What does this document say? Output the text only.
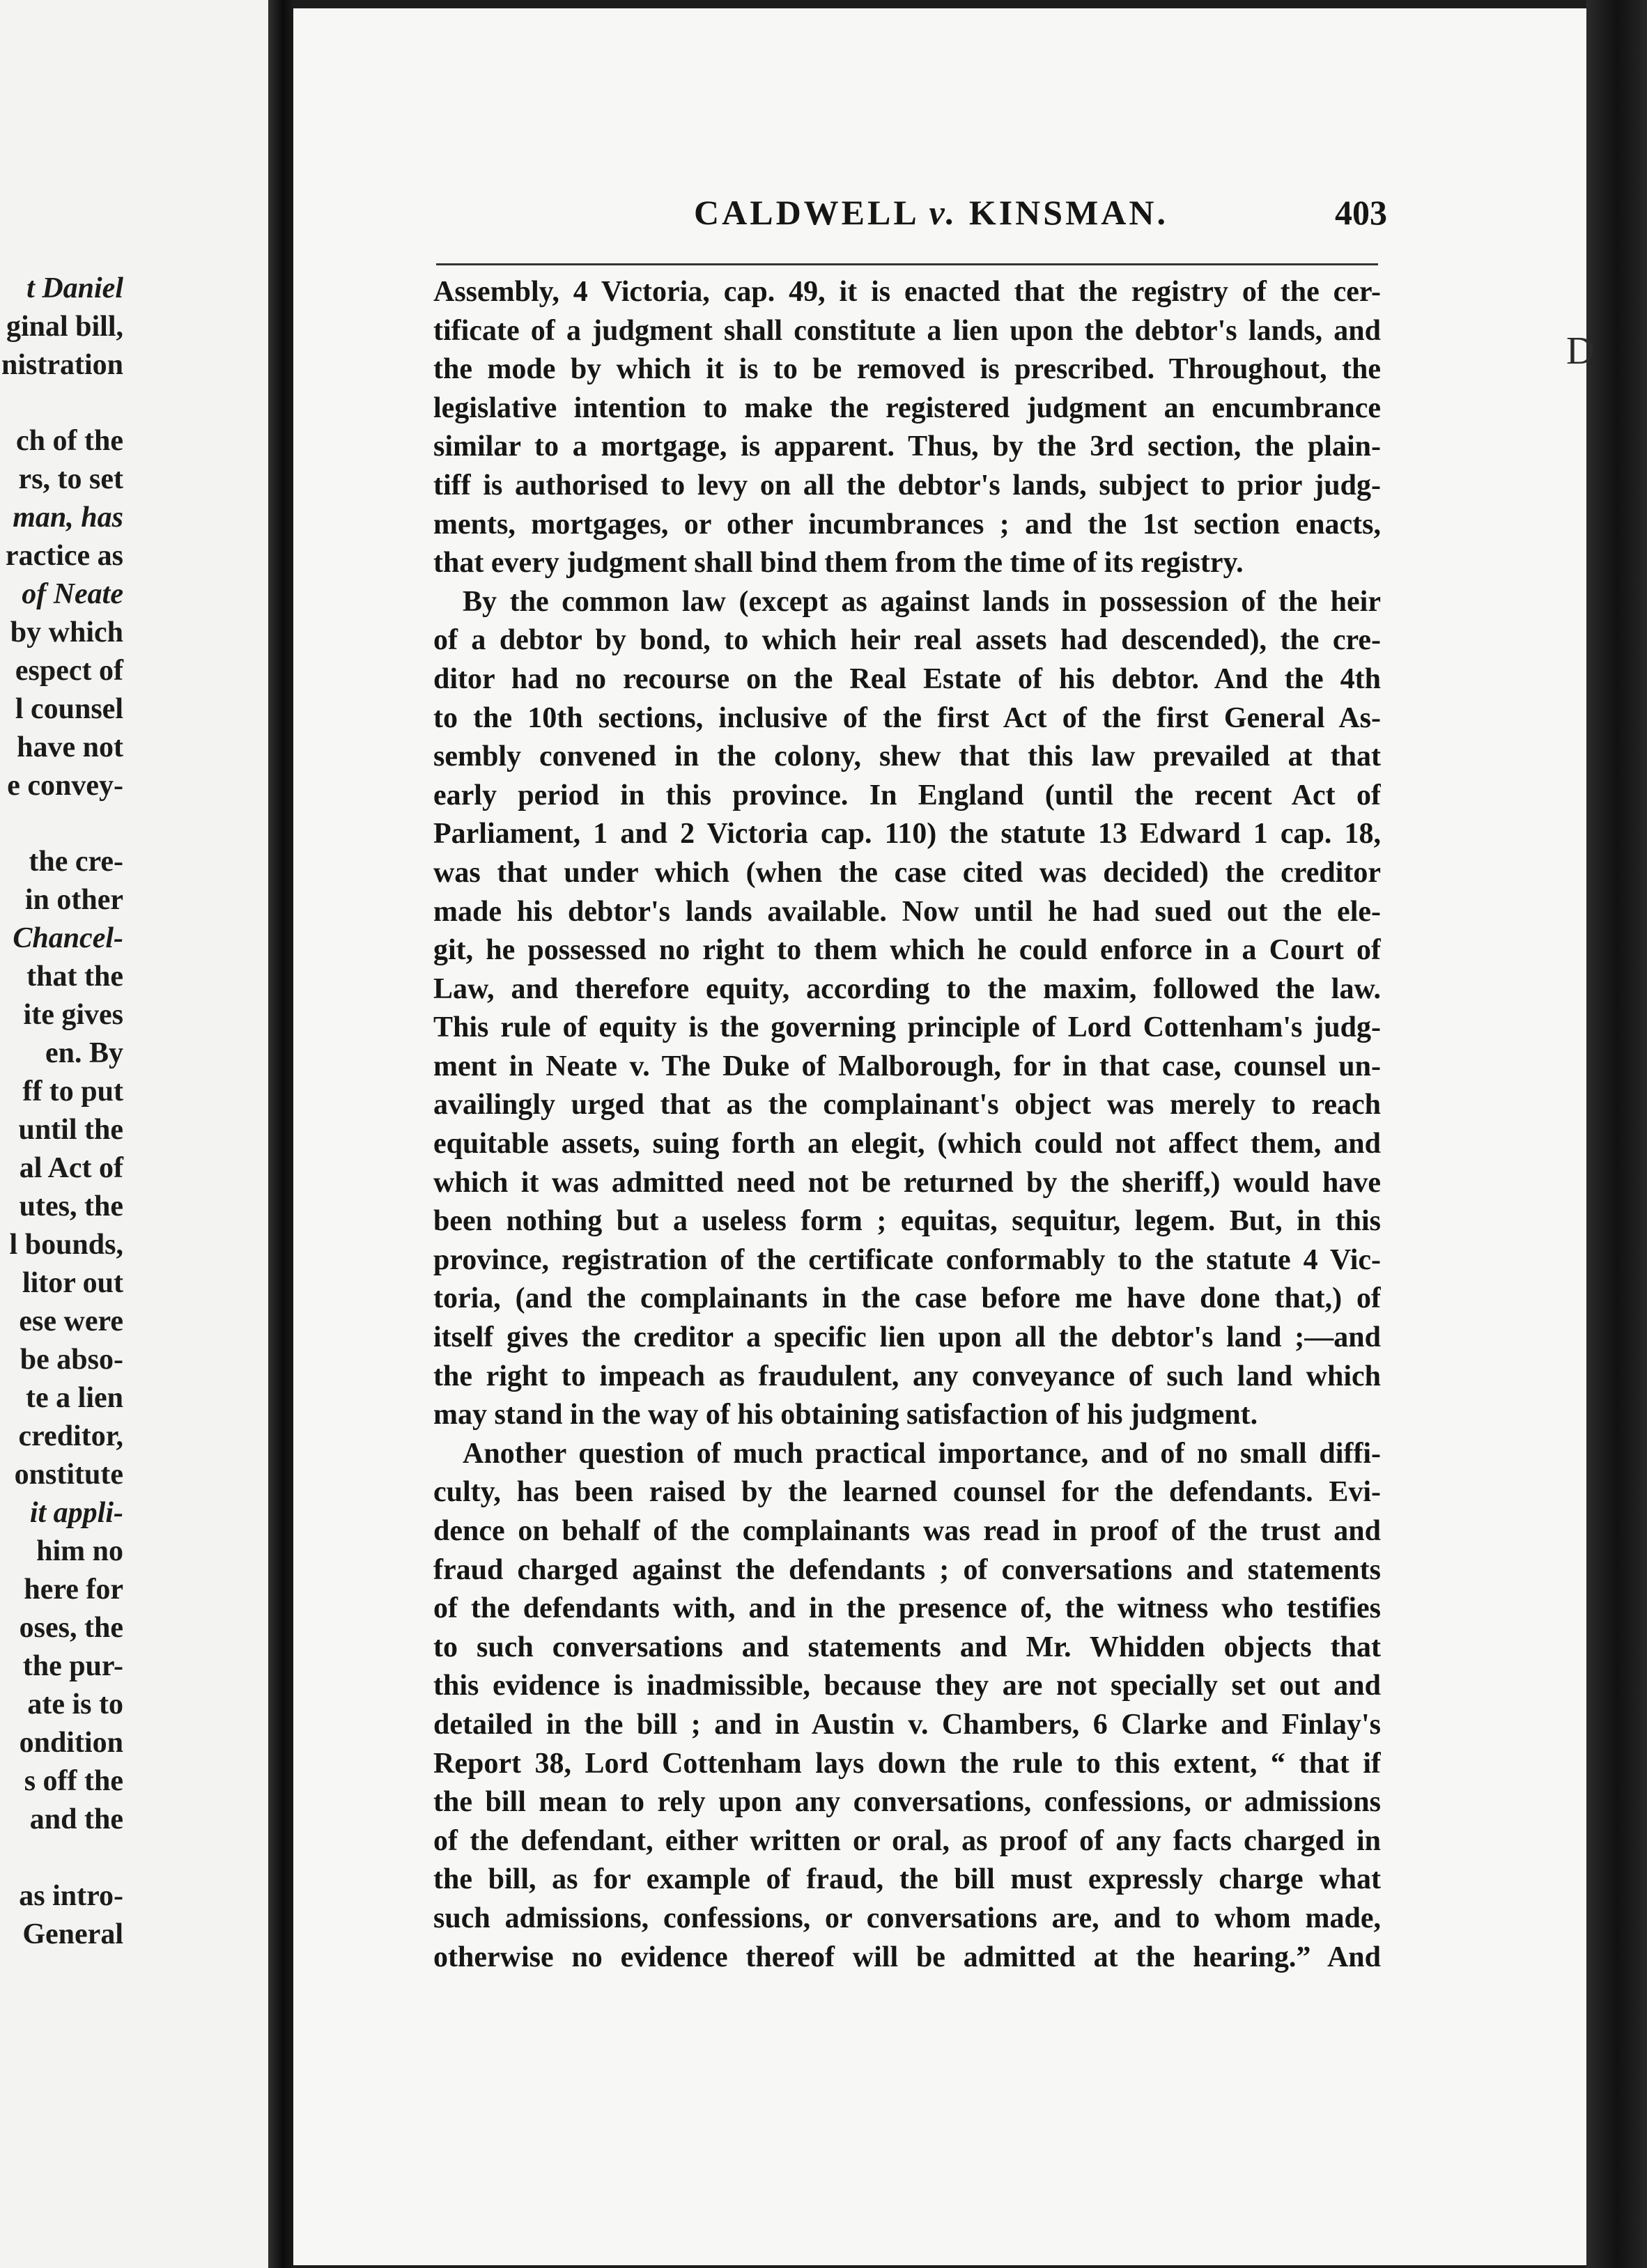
t Daniel
ginal bill,
nistration
ch of the
rs, to set
man, has
ractice as
of Neate
by which
espect of
l counsel
have not
e convey-
the cre-
in other
Chancel-
that the
ite gives
en. By
ff to put
until the
al Act of
utes, the
l bounds,
litor out
ese were
be abso-
te a lien
creditor,
onstitute
it appli-
him no
here for
oses, the
the pur-
ate is to
ondition
s off the
and the
as intro-
General
D
CALDWELL v. KINSMAN.	403
Assembly, 4 Victoria, cap. 49, it is enacted that the registry of the cer-
tificate of a judgment shall constitute a lien upon the debtor's lands, and
the mode by which it is to be removed is prescribed. Throughout, the
legislative intention to make the registered judgment an encumbrance
similar to a mortgage, is apparent. Thus, by the 3rd section, the plain-
tiff is authorised to levy on all the debtor's lands, subject to prior judg-
ments, mortgages, or other incumbrances ; and the 1st section enacts,
that every judgment shall bind them from the time of its registry.
By the common law (except as against lands in possession of the heir
of a debtor by bond, to which heir real assets had descended), the cre-
ditor had no recourse on the Real Estate of his debtor. And the 4th
to the 10th sections, inclusive of the first Act of the first General As-
sembly convened in the colony, shew that this law prevailed at that
early period in this province. In England (until the recent Act of
Parliament, 1 and 2 Victoria cap. 110) the statute 13 Edward 1 cap. 18,
was that under which (when the case cited was decided) the creditor
made his debtor's lands available. Now until he had sued out the ele-
git, he possessed no right to them which he could enforce in a Court of
Law, and therefore equity, according to the maxim, followed the law.
This rule of equity is the governing principle of Lord Cottenham's judg-
ment in Neate v. The Duke of Malborough, for in that case, counsel un-
availingly urged that as the complainant's object was merely to reach
equitable assets, suing forth an elegit, (which could not affect them, and
which it was admitted need not be returned by the sheriff,) would have
been nothing but a useless form ; equitas, sequitur, legem. But, in this
province, registration of the certificate conformably to the statute 4 Vic-
toria, (and the complainants in the case before me have done that,) of
itself gives the creditor a specific lien upon all the debtor's land ;—and
the right to impeach as fraudulent, any conveyance of such land which
may stand in the way of his obtaining satisfaction of his judgment.
Another question of much practical importance, and of no small diffi-
culty, has been raised by the learned counsel for the defendants. Evi-
dence on behalf of the complainants was read in proof of the trust and
fraud charged against the defendants ; of conversations and statements
of the defendants with, and in the presence of, the witness who testifies
to such conversations and statements and Mr. Whidden objects that
this evidence is inadmissible, because they are not specially set out and
detailed in the bill ; and in Austin v. Chambers, 6 Clarke and Finlay's
Report 38, Lord Cottenham lays down the rule to this extent, “ that if
the bill mean to rely upon any conversations, confessions, or admissions
of the defendant, either written or oral, as proof of any facts charged in
the bill, as for example of fraud, the bill must expressly charge what
such admissions, confessions, or conversations are, and to whom made,
otherwise no evidence thereof will be admitted at the hearing.” And
